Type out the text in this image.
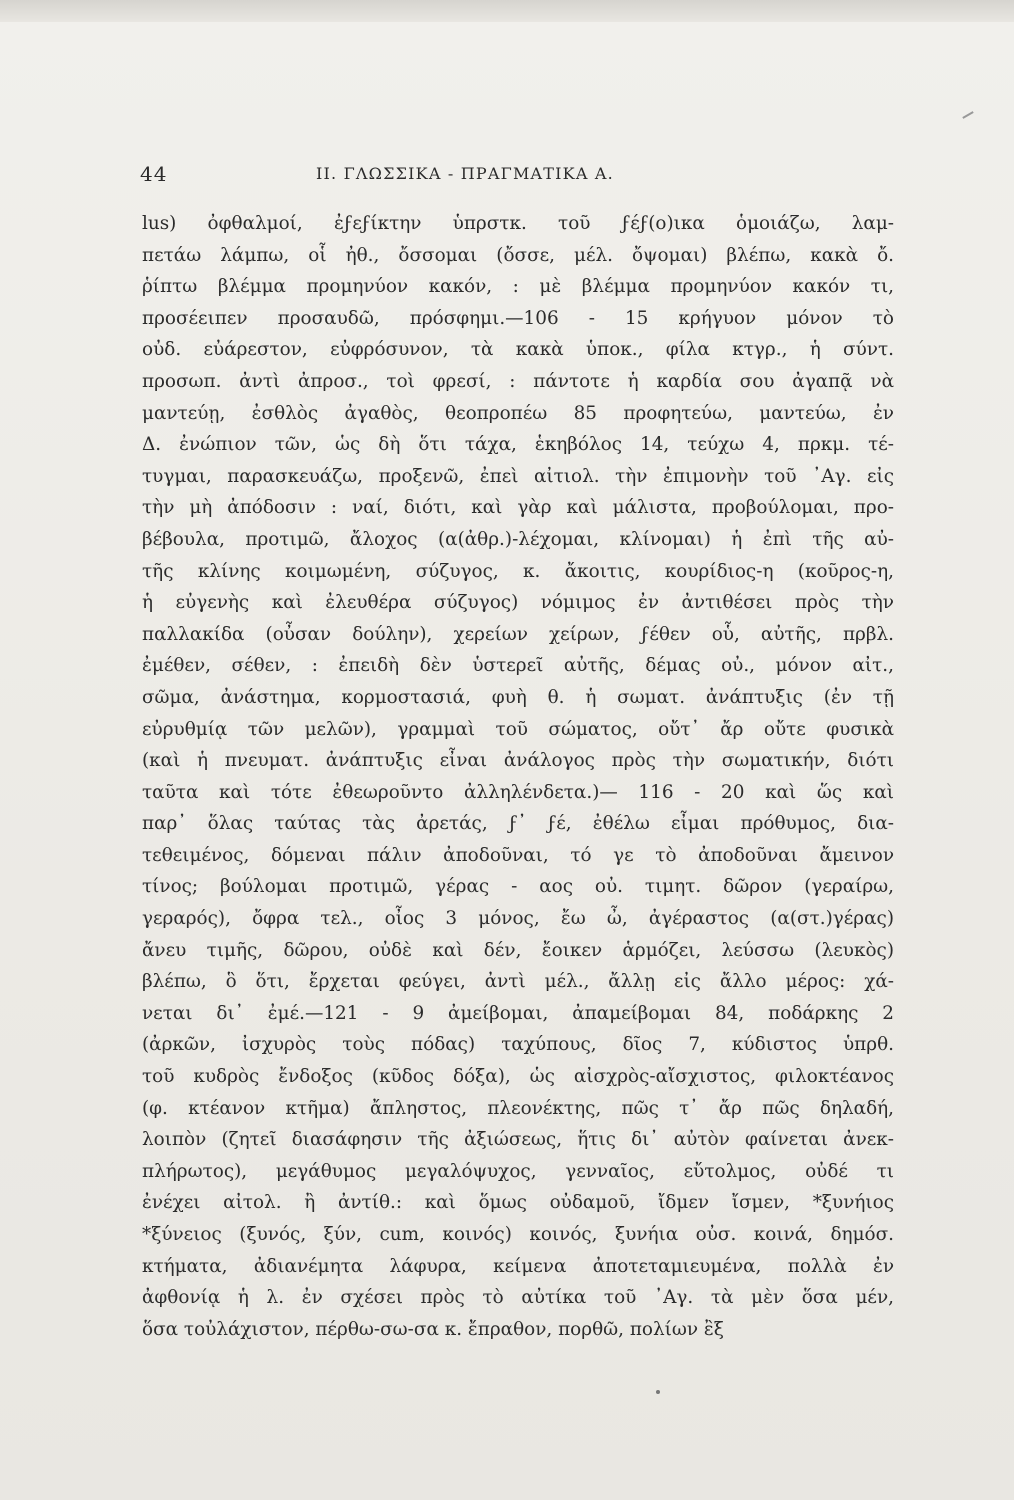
44	ΙΙ. ΓΛΩΣΣΙΚΑ - ΠΡΑΓΜΑΤΙΚΑ Α.
lus) ὀφθαλμοί, ἐϝεϝίκτην ὑπρστκ. τοῦ ϝέϝ(ο)ικα ὁμοιάζω, λαμ-
πετάω λάμπω, οἷ ἠθ., ὄσσομαι (ὄσσε, μέλ. ὄψομαι) βλέπω, κακὰ ὄ.
ῥίπτω βλέμμα προμηνύον κακόν, : μὲ βλέμμα προμηνύον κακόν τι,
προσέειπεν προσαυδῶ, πρόσφημι.—106 - 15 κρήγυον μόνον τὸ
οὐδ. εὐάρεστον, εὐφρόσυνον, τὰ κακὰ ὑποκ., φίλα κτγρ., ἡ σύντ.
προσωπ. ἀντὶ ἀπροσ., τοὶ φρεσί, : πάντοτε ἡ καρδία σου ἀγαπᾷ νὰ
μαντεύῃ, ἐσθλὸς ἀγαθὸς, θεοπροπέω 85 προφητεύω, μαντεύω, ἐν
Δ. ἐνώπιον τῶν, ὡς δὴ ὅτι τάχα, ἑκηβόλος 14, τεύχω 4, πρκμ. τέ-
τυγμαι, παρασκευάζω, προξενῶ, ἐπεὶ αἰτιολ. τὴν ἐπιμονὴν τοῦ ᾿Αγ. εἰς
τὴν μὴ ἀπόδοσιν : ναί, διότι, καὶ γὰρ καὶ μάλιστα, προβούλομαι, προ-
βέβουλα, προτιμῶ, ἄλοχος (α(ἀθρ.)-λέχομαι, κλίνομαι) ἡ ἐπὶ τῆς αὐ-
τῆς κλίνης κοιμωμένη, σύζυγος, κ. ἄκοιτις, κουρίδιος-η (κοῦρος-η,
ἡ εὐγενὴς καὶ ἐλευθέρα σύζυγος) νόμιμος ἐν ἀντιθέσει πρὸς τὴν
παλλακίδα (οὖσαν δούλην), χερείων χείρων, ϝέθεν οὗ, αὐτῆς, πρβλ.
ἐμέθεν, σέθεν, : ἐπειδὴ δὲν ὑστερεῖ αὐτῆς, δέμας οὐ., μόνον αἰτ.,
σῶμα, ἀνάστημα, κορμοστασιά, φυὴ θ. ἡ σωματ. ἀνάπτυξις (ἐν τῇ
εὐρυθμίᾳ τῶν μελῶν), γραμμαὶ τοῦ σώματος, οὔτ᾿ ἄρ οὔτε φυσικὰ
(καὶ ἡ πνευματ. ἀνάπτυξις εἶναι ἀνάλογος πρὸς τὴν σωματικήν, διότι
ταῦτα καὶ τότε ἐθεωροῦντο ἀλληλένδετα.)— 116 - 20 καὶ ὥς καὶ
παρ᾿ ὅλας ταύτας τὰς ἀρετάς, ϝ᾿ ϝέ, ἐθέλω εἶμαι πρόθυμος, δια-
τεθειμένος, δόμεναι πάλιν ἀποδοῦναι, τό γε τὸ ἀποδοῦναι ἄμεινον
τίνος; βούλομαι προτιμῶ, γέρας - αος οὐ. τιμητ. δῶρον (γεραίρω,
γεραρός), ὄφρα τελ., οἶος 3 μόνος, ἔω ὦ, ἀγέραστος (α(στ.)γέρας)
ἄνευ τιμῆς, δῶρου, οὐδὲ καὶ δέν, ἔοικεν ἁρμόζει, λεύσσω (λευκὸς)
βλέπω, ὃ ὅτι, ἔρχεται φεύγει, ἀντὶ μέλ., ἄλλῃ εἰς ἄλλο μέρος: χά-
νεται δι᾿ ἐμέ.—121 - 9 ἀμείβομαι, ἀπαμείβομαι 84, ποδάρκης 2
(ἀρκῶν, ἰσχυρὸς τοὺς πόδας) ταχύπους, δῖος 7, κύδιστος ὑπρθ.
τοῦ κυδρὸς ἔνδοξος (κῦδος δόξα), ὡς αἰσχρὸς-αἴσχιστος, φιλοκτέανος
(φ. κτέανον κτῆμα) ἄπληστος, πλεονέκτης, πῶς τ᾿ ἄρ πῶς δηλαδή,
λοιπὸν (ζητεῖ διασάφησιν τῆς ἀξιώσεως, ἥτις δι᾿ αὐτὸν φαίνεται ἀνεκ-
πλήρωτος), μεγάθυμος μεγαλόψυχος, γενναῖος, εὔτολμος, οὐδέ τι
ἐνέχει αἰτολ. ἢ ἀντίθ.: καὶ ὅμως οὐδαμοῦ, ἴδμεν ἴσμεν, *ξυνήιος
*ξύνειος (ξυνός, ξύν, cum, κοινός) κοινός, ξυνήια οὐσ. κοινά, δημόσ.
κτήματα, ἀδιανέμητα λάφυρα, κείμενα ἀποτεταμιευμένα, πολλὰ ἐν
ἀφθονίᾳ ἡ λ. ἐν σχέσει πρὸς τὸ αὐτίκα τοῦ ᾿Αγ. τὰ μὲν ὅσα μέν,
ὅσα τοὐλάχιστον, πέρθω-σω-σα κ. ἔπραθον, πορθῶ, πολίων ἒξ
